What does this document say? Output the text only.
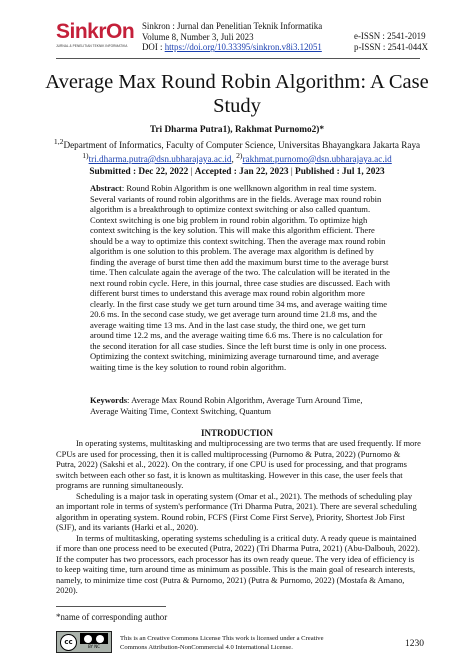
SinkrOn
JURNAL & PENELITIAN TEKNIK INFORMATIKA
Sinkron : Jurnal dan Penelitian Teknik Informatika
Volume 8, Number 3, Juli 2023
DOI : https://doi.org/10.33395/sinkron.v8i3.12051
e-ISSN : 2541-2019
p-ISSN : 2541-044X
Average Max Round Robin Algorithm: A Case Study
Tri Dharma Putra1), Rakhmat Purnomo2)*
$^{1,2}$Department of Informatics, Faculty of Computer Science, Universitas Bhayangkara Jakarta Raya
$^{1)}$tri.dharma.putra@dsn.ubharajaya.ac.id, $^{2)}$rakhmat.purnomo@dsn.ubharajaya.ac.id
Submitted : Dec 22, 2022 | Accepted : Jan 22, 2023 | Published : Jul 1, 2023
Abstract: Round Robin Algorithm is one wellknown algorithm in real time system. Several variants of round robin algorithms are in the fields. Average max round robin algorithm is a breakthrough to optimize context switching or also called quantum. Context switching is one big problem in round robin algorithm. To optimize high context switching is the key solution. This will make this algorithm efficient. There should be a way to optimize this context switching. Then the average max round robin algorithm is one solution to this problem. The average max algorithm is defined by finding the average of burst time then add the maximum burst time to the average burst time. Then calculate again the average of the two. The calculation will be iterated in the next round robin cycle. Here, in this journal, three case studies are discussed. Each with different burst times to understand this average max round robin algorithm more clearly. In the first case study we get turn around time 34 ms, and average waiting time 20.6 ms. In the second case study, we get average turn around time 21.8 ms, and the average waiting time 13 ms. And in the last case study, the third one, we get turn around time 12.2 ms, and the average waiting time 6.6 ms. There is no calculation for the second iteration for all case studies. Since the left burst time is only in one process. Optimizing the context switching, minimizing average turnaround time, and average waiting time is the key solution to round robin algorithm.
Keywords: Average Max Round Robin Algorithm, Average Turn Around Time, Average Waiting Time, Context Switching, Quantum
INTRODUCTION

In operating systems, multitasking and multiprocessing are two terms that are used frequently. If more CPUs are used for processing, then it is called multiprocessing (Purnomo & Putra, 2022) (Purnomo & Putra, 2022) (Sakshi et al., 2022). On the contrary, if one CPU is used for processing, and that programs switch between each other so fast, it is known as multitasking. However in this case, the user feels that programs are running simultaneously.

Scheduling is a major task in operating system (Omar et al., 2021). The methods of scheduling play an important role in terms of system's performance (Tri Dharma Putra, 2021). There are several scheduling algorithm in operating system. Round robin, FCFS (First Come First Serve), Priority, Shortest Job First (SJF), and its variants (Harki et al., 2020).

In terms of multitasking, operating systems scheduling is a critical duty. A ready queue is maintained if more than one process need to be executed (Putra, 2022) (Tri Dharma Putra, 2021) (Abu-Dalbouh, 2022). If the computer has two processors, each processor has its own ready queue. The very idea of efficiency is to keep waiting time, turn around time as minimum as possible. This is the main goal of research interests, namely, to minimize time cost (Putra & Purnomo, 2021) (Putra & Purnomo, 2022) (Mostafa & Amano, 2020).

*name of corresponding author
cc
BY NC
This is an Creative Commons License This work is licensed under a Creative
Commons Attribution-NonCommercial 4.0 International License.	1230
